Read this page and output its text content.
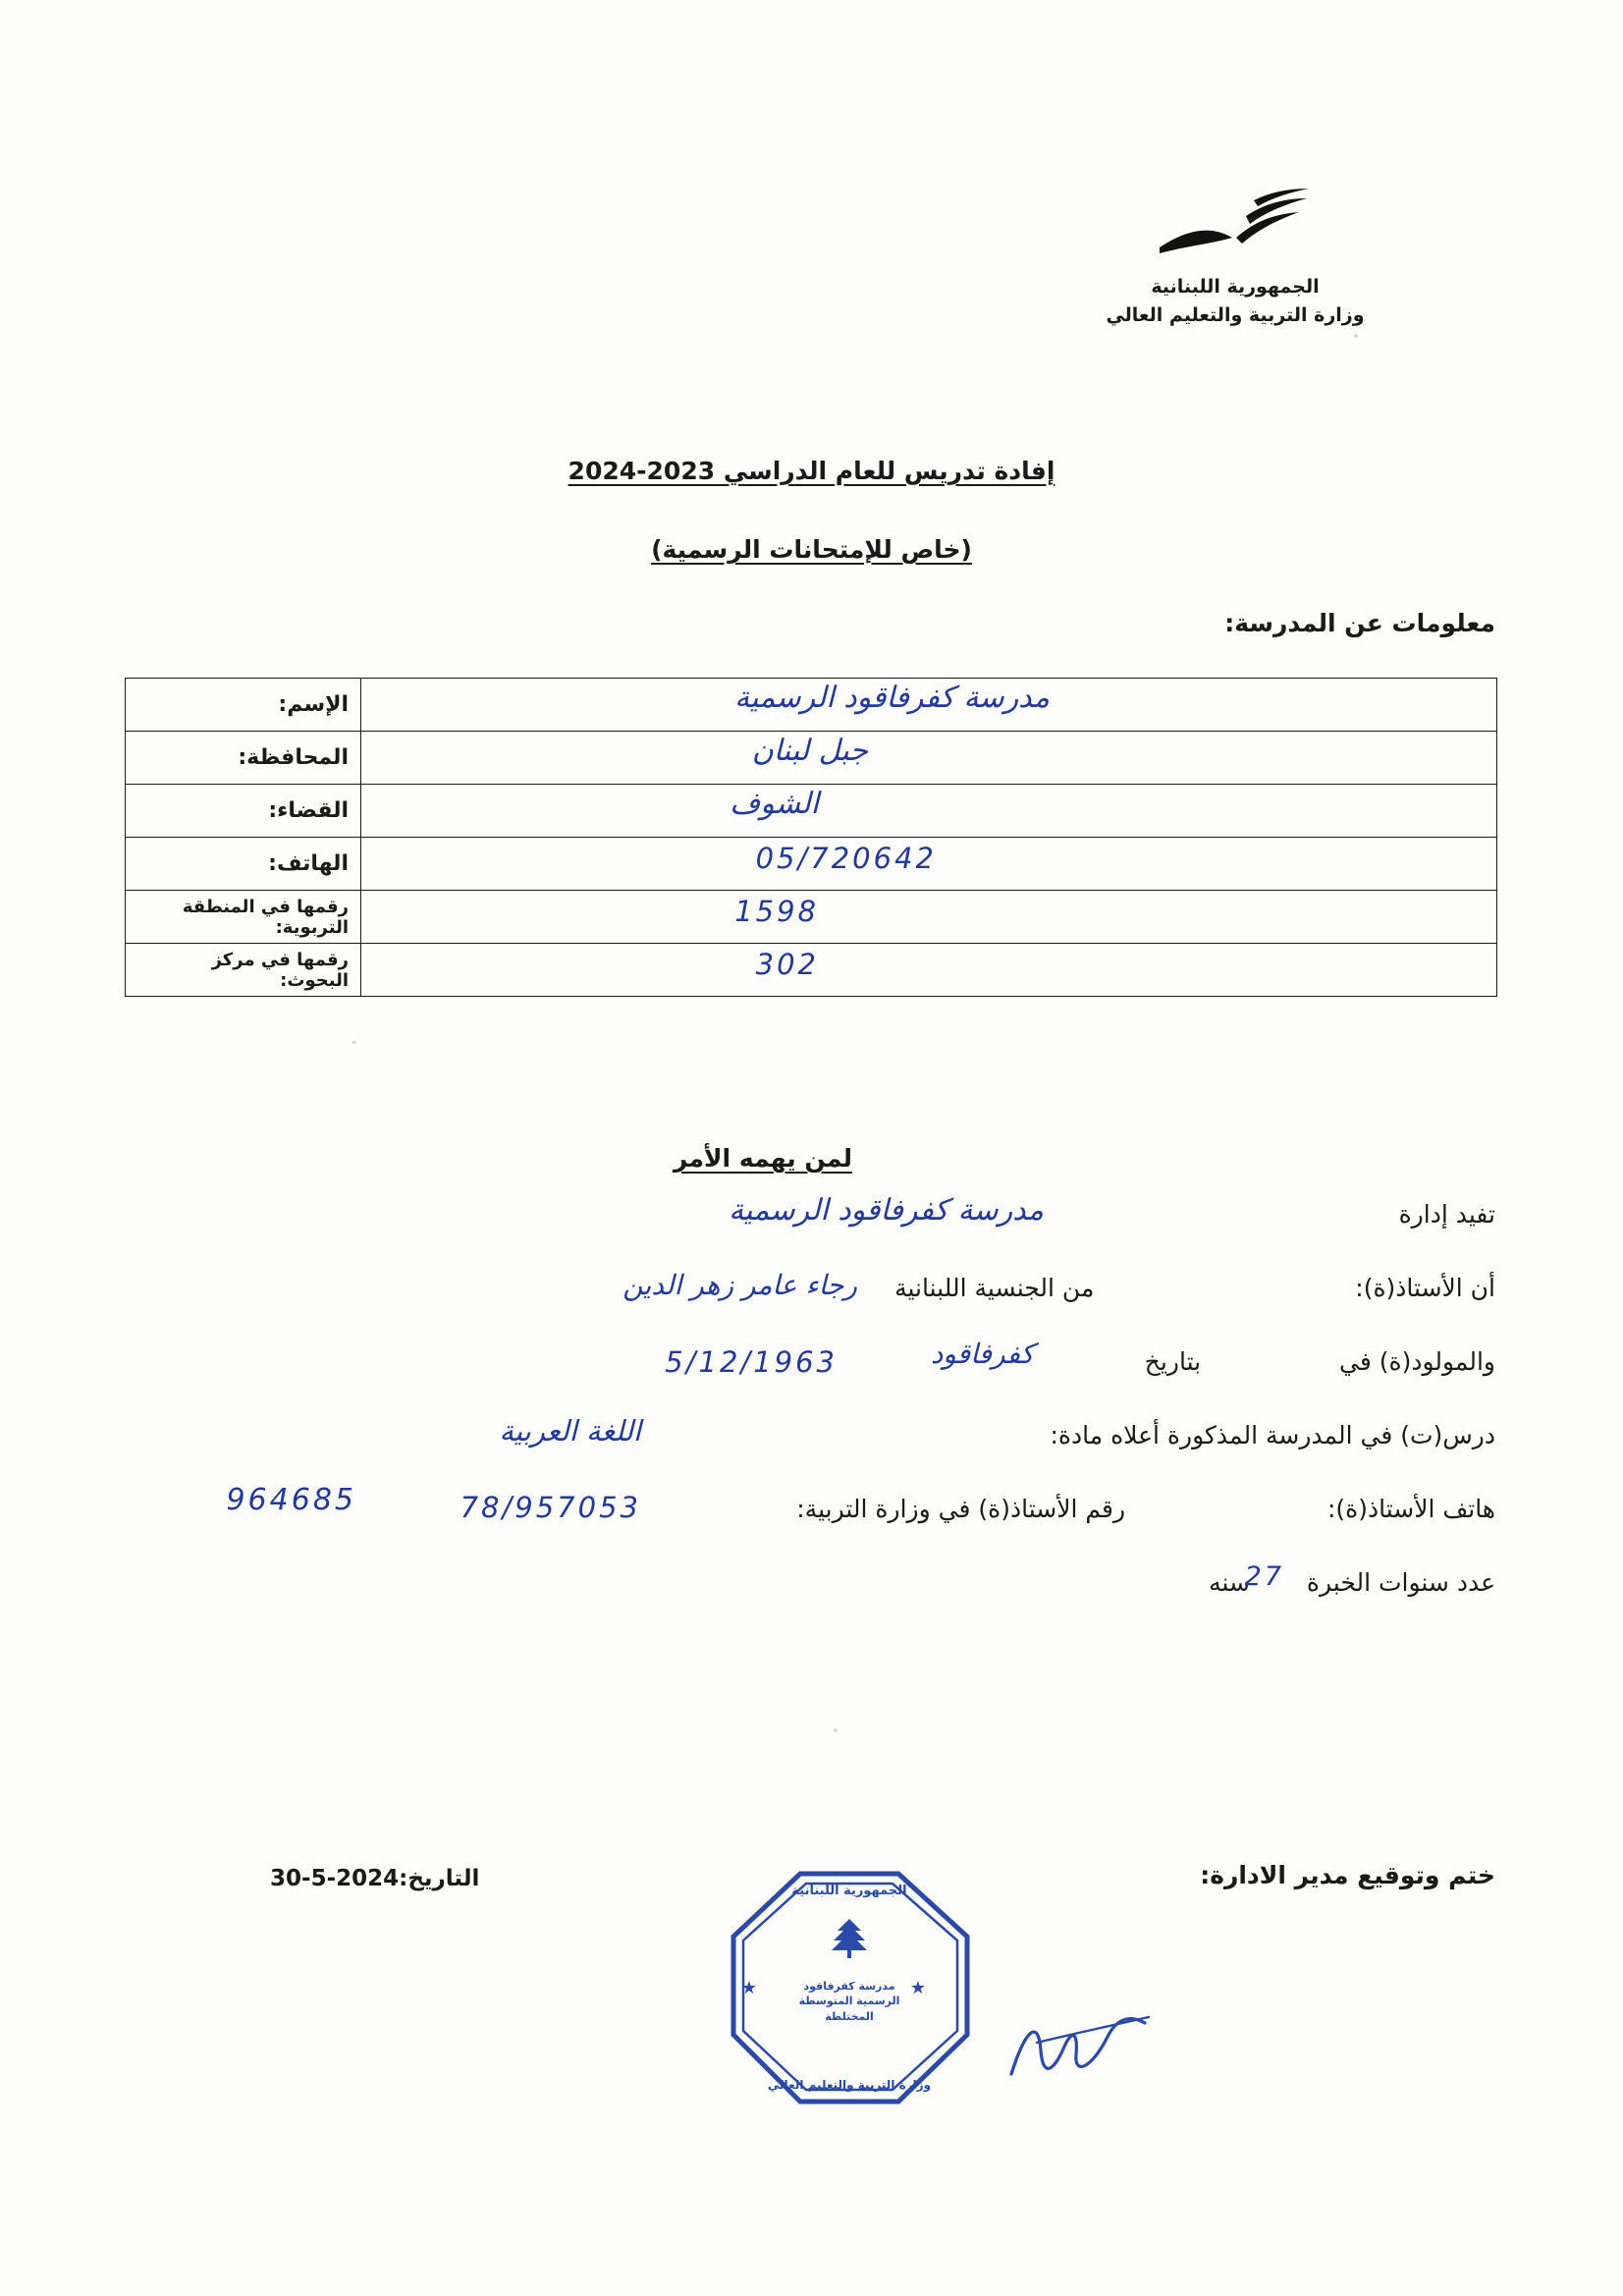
الجمهورية اللبنانية
وزارة التربية والتعليم العالي
إفادة تدريس للعام الدراسي 2023-2024
(خاص للإمتحانات الرسمية)
معلومات عن المدرسة:
مدرسة كفرفاقود الرسمية	الإسم:

جبل لبنان	المحافظة:

الشوف	القضاء:

05/720642	الهاتف:

1598	رقمها في المنطقة التربوية:

302	رقمها في مركز البحوث:
لمن يهمه الأمر
تفيد إدارة
مدرسة كفرفاقود الرسمية
أن الأستاذ(ة):  من الجنسية اللبنانية
رجاء عامر زهر الدين
والمولود(ة) في  بتاريخ
كفرفاقود
5/12/1963
درس(ت) في المدرسة المذكورة أعلاه مادة:
اللغة العربية
هاتف الأستاذ(ة):  رقم الأستاذ(ة) في وزارة التربية:
78/957053
964685
عدد سنوات الخبرة  سنه
27
ختم وتوقيع مدير الادارة:
التاريخ:2024-5-30
★	★
الجمهورية اللبنانية
مدرسة كفرفاقود
الرسمية المتوسطة
المختلطة
وزارة التربية والتعليم العالي
